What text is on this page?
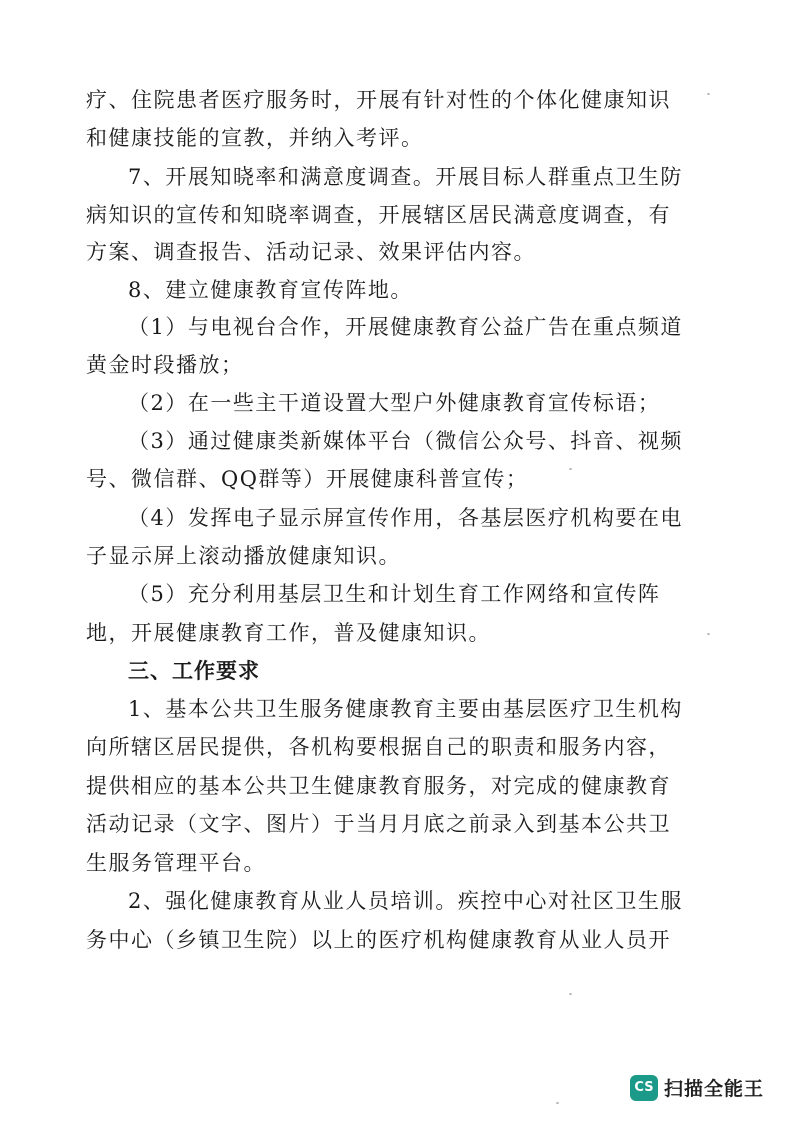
疗、住院患者医疗服务时，开展有针对性的个体化健康知识
和健康技能的宣教，并纳入考评。
7、开展知晓率和满意度调查。开展目标人群重点卫生防
病知识的宣传和知晓率调查，开展辖区居民满意度调查，有
方案、调查报告、活动记录、效果评估内容。
8、建立健康教育宣传阵地。
（1）与电视台合作，开展健康教育公益广告在重点频道
黄金时段播放；
（2）在一些主干道设置大型户外健康教育宣传标语；
（3）通过健康类新媒体平台（微信公众号、抖音、视频
号、微信群、QQ群等）开展健康科普宣传；
（4）发挥电子显示屏宣传作用，各基层医疗机构要在电
子显示屏上滚动播放健康知识。
（5）充分利用基层卫生和计划生育工作网络和宣传阵
地，开展健康教育工作，普及健康知识。
三、工作要求
1、基本公共卫生服务健康教育主要由基层医疗卫生机构
向所辖区居民提供，各机构要根据自己的职责和服务内容，
提供相应的基本公共卫生健康教育服务，对完成的健康教育
活动记录（文字、图片）于当月月底之前录入到基本公共卫
生服务管理平台。
2、强化健康教育从业人员培训。疾控中心对社区卫生服
务中心（乡镇卫生院）以上的医疗机构健康教育从业人员开
CS 扫描全能王
